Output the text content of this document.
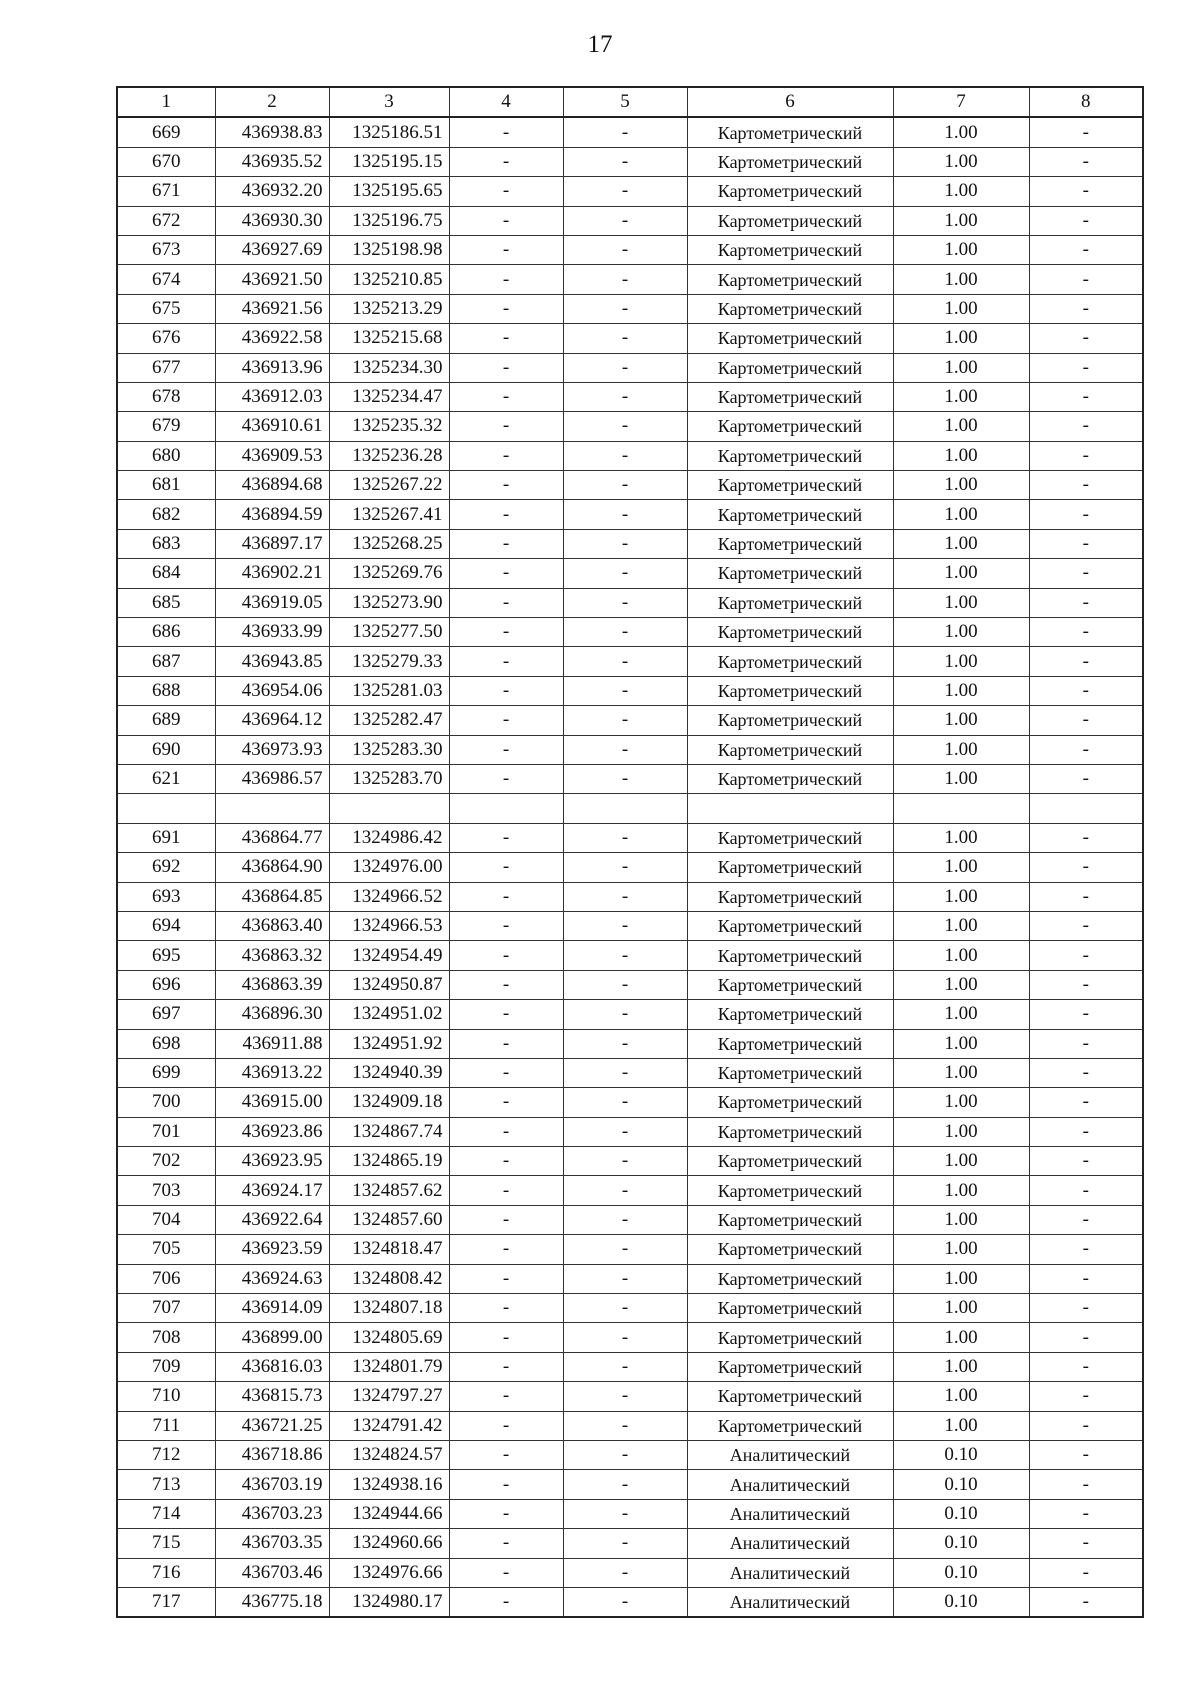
17
1	2	3	4	5	6	7	8
669	436938.83	1325186.51	-	-	Картометрический	1.00	-
670	436935.52	1325195.15	-	-	Картометрический	1.00	-
671	436932.20	1325195.65	-	-	Картометрический	1.00	-
672	436930.30	1325196.75	-	-	Картометрический	1.00	-
673	436927.69	1325198.98	-	-	Картометрический	1.00	-
674	436921.50	1325210.85	-	-	Картометрический	1.00	-
675	436921.56	1325213.29	-	-	Картометрический	1.00	-
676	436922.58	1325215.68	-	-	Картометрический	1.00	-
677	436913.96	1325234.30	-	-	Картометрический	1.00	-
678	436912.03	1325234.47	-	-	Картометрический	1.00	-
679	436910.61	1325235.32	-	-	Картометрический	1.00	-
680	436909.53	1325236.28	-	-	Картометрический	1.00	-
681	436894.68	1325267.22	-	-	Картометрический	1.00	-
682	436894.59	1325267.41	-	-	Картометрический	1.00	-
683	436897.17	1325268.25	-	-	Картометрический	1.00	-
684	436902.21	1325269.76	-	-	Картометрический	1.00	-
685	436919.05	1325273.90	-	-	Картометрический	1.00	-
686	436933.99	1325277.50	-	-	Картометрический	1.00	-
687	436943.85	1325279.33	-	-	Картометрический	1.00	-
688	436954.06	1325281.03	-	-	Картометрический	1.00	-
689	436964.12	1325282.47	-	-	Картометрический	1.00	-
690	436973.93	1325283.30	-	-	Картометрический	1.00	-
621	436986.57	1325283.70	-	-	Картометрический	1.00	-

691	436864.77	1324986.42	-	-	Картометрический	1.00	-
692	436864.90	1324976.00	-	-	Картометрический	1.00	-
693	436864.85	1324966.52	-	-	Картометрический	1.00	-
694	436863.40	1324966.53	-	-	Картометрический	1.00	-
695	436863.32	1324954.49	-	-	Картометрический	1.00	-
696	436863.39	1324950.87	-	-	Картометрический	1.00	-
697	436896.30	1324951.02	-	-	Картометрический	1.00	-
698	436911.88	1324951.92	-	-	Картометрический	1.00	-
699	436913.22	1324940.39	-	-	Картометрический	1.00	-
700	436915.00	1324909.18	-	-	Картометрический	1.00	-
701	436923.86	1324867.74	-	-	Картометрический	1.00	-
702	436923.95	1324865.19	-	-	Картометрический	1.00	-
703	436924.17	1324857.62	-	-	Картометрический	1.00	-
704	436922.64	1324857.60	-	-	Картометрический	1.00	-
705	436923.59	1324818.47	-	-	Картометрический	1.00	-
706	436924.63	1324808.42	-	-	Картометрический	1.00	-
707	436914.09	1324807.18	-	-	Картометрический	1.00	-
708	436899.00	1324805.69	-	-	Картометрический	1.00	-
709	436816.03	1324801.79	-	-	Картометрический	1.00	-
710	436815.73	1324797.27	-	-	Картометрический	1.00	-
711	436721.25	1324791.42	-	-	Картометрический	1.00	-
712	436718.86	1324824.57	-	-	Аналитический	0.10	-
713	436703.19	1324938.16	-	-	Аналитический	0.10	-
714	436703.23	1324944.66	-	-	Аналитический	0.10	-
715	436703.35	1324960.66	-	-	Аналитический	0.10	-
716	436703.46	1324976.66	-	-	Аналитический	0.10	-
717	436775.18	1324980.17	-	-	Аналитический	0.10	-
